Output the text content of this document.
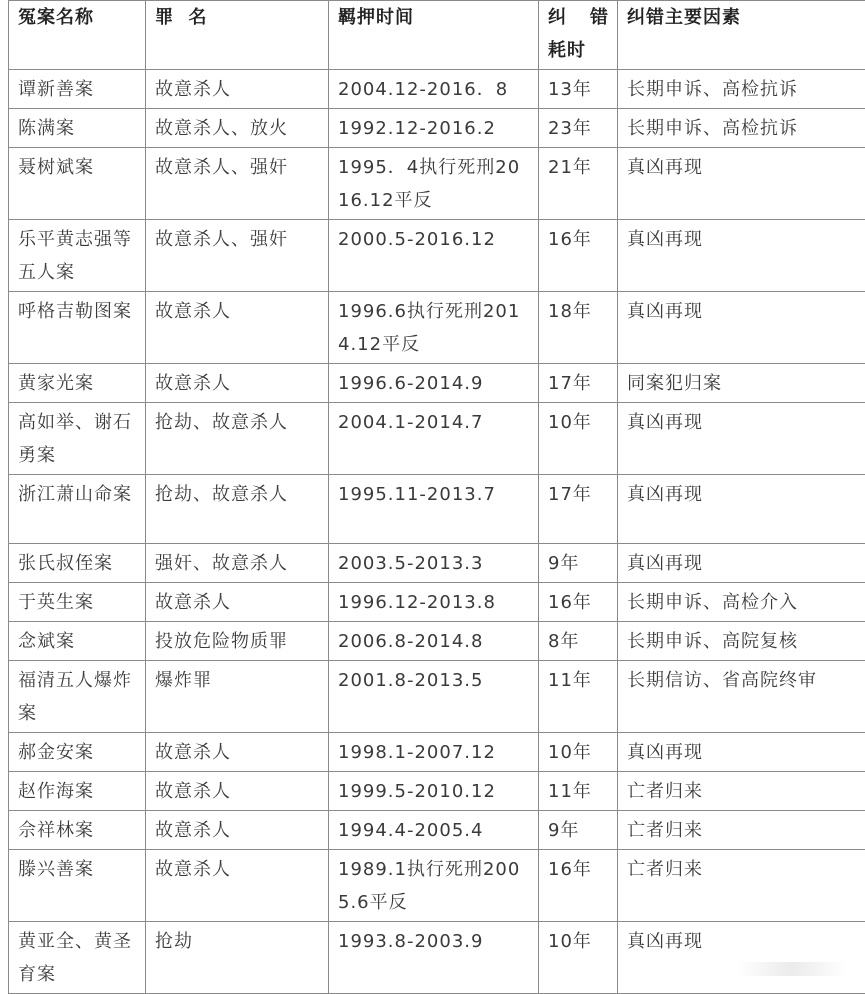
冤案名称	罪  名	羁押时间	纠  错耗时	纠错主要因素
谭新善案	故意杀人	2004.12-2016．8	13年	长期申诉、高检抗诉
陈满案	故意杀人、放火	1992.12-2016.2	23年	长期申诉、高检抗诉
聂树斌案	故意杀人、强奸	1995．4执行死刑2016.12平反	21年	真凶再现
乐平黄志强等五人案	故意杀人、强奸	2000.5-2016.12	16年	真凶再现
呼格吉勒图案	故意杀人	1996.6执行死刑2014.12平反	18年	真凶再现
黄家光案	故意杀人	1996.6-2014.9	17年	同案犯归案
高如举、谢石勇案	抢劫、故意杀人	2004.1-2014.7	10年	真凶再现
浙江萧山命案	抢劫、故意杀人	1995.11-2013.7	17年	真凶再现
张氏叔侄案	强奸、故意杀人	2003.5-2013.3	9年	真凶再现
于英生案	故意杀人	1996.12-2013.8	16年	长期申诉、高检介入
念斌案	投放危险物质罪	2006.8-2014.8	8年	长期申诉、高院复核
福清五人爆炸案	爆炸罪	2001.8-2013.5	11年	长期信访、省高院终审
郝金安案	故意杀人	1998.1-2007.12	10年	真凶再现
赵作海案	故意杀人	1999.5-2010.12	11年	亡者归来
佘祥林案	故意杀人	1994.4-2005.4	9年	亡者归来
滕兴善案	故意杀人	1989.1执行死刑2005.6平反	16年	亡者归来
黄亚全、黄圣育案	抢劫	1993.8-2003.9	10年	真凶再现
